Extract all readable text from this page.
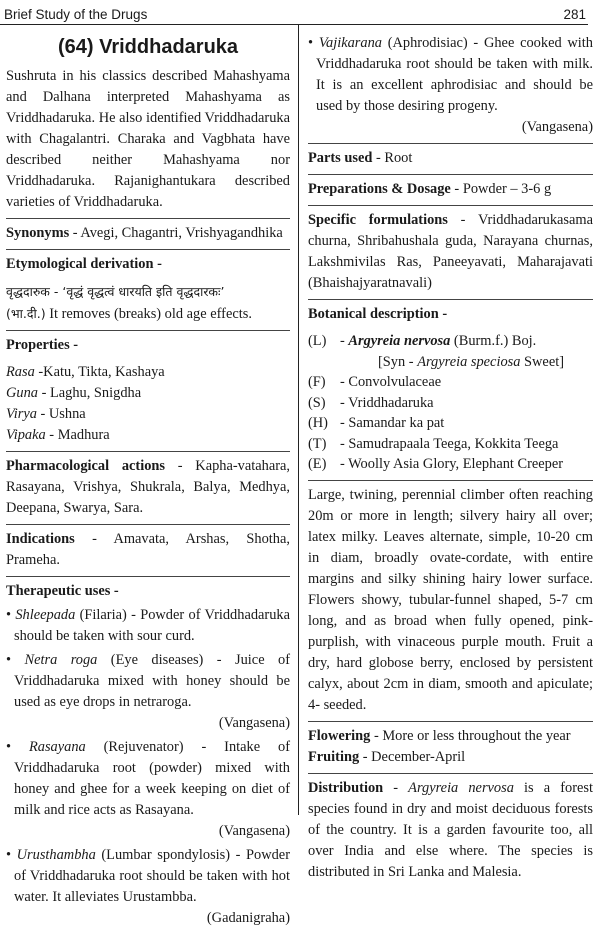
Brief Study of the Drugs	281
(64) Vriddhadaruka

Sushruta in his classics described Mahashyama and Dalhana interpreted Mahashyama as Vriddhadaruka. He also identified Vriddhadaruka with Chagalantri. Charaka and Vagbhata have described neither Mahashyama nor Vriddhadaruka. Rajanighantukara described varieties of Vriddhadaruka.

Synonyms - Avegi, Chagantri, Vrishyagandhika

Etymological derivation -

वृद्धदारुक - ‘वृद्धं वृद्धत्वं धारयति इति वृद्धदारकः’

(भा.दी.) It removes (breaks) old age effects.

Properties -

Rasa -Katu, Tikta, Kashaya

Guna - Laghu, Snigdha

Virya - Ushna

Vipaka - Madhura

Pharmacological actions - Kapha-vatahara, Rasayana, Vrishya, Shukrala, Balya, Medhya, Deepana, Swarya, Sara.

Indications - Amavata, Arshas, Shotha, Prameha.

Therapeutic uses -

• Shleepada (Filaria) - Powder of Vriddhadaruka should be taken with sour curd.

• Netra roga (Eye diseases) - Juice of Vriddhadaruka mixed with honey should be used as eye drops in netraroga.

(Vangasena)

• Rasayana (Rejuvenator) - Intake of Vriddhadaruka root (powder) mixed with honey and ghee for a week keeping on diet of milk and rice acts as Rasayana.

(Vangasena)

• Urusthambha (Lumbar spondylosis) - Powder of Vriddhadaruka root should be taken with hot water. It alleviates Urustambba.

(Gadanigraha)

• Vajikarana (Aphrodisiac) - Ghee cooked with Vriddhadaruka root should be taken with milk. It is an excellent aphrodisiac and should be used by those desiring progeny.

(Vangasena)

Parts used - Root

Preparations & Dosage - Powder – 3-6 g

Specific formulations - Vriddhadarukasama churna, Shribahushala guda, Narayana churnas, Lakshmivilas Ras, Paneeyavati, Maharajavati (Bhaishajyaratnavali)

Botanical description -

(L) - Argyreia nervosa (Burm.f.) Boj.
[Syn - Argyreia speciosa Sweet]
(F)	- Convolvulaceae
(S)	- Vriddhadaruka
(H) - Samandar ka pat
(T) - Samudrapaala Teega, Kokkita Teega
(E) - Woolly Asia Glory, Elephant Creeper

Large, twining, perennial climber often reaching 20m or more in length; silvery hairy all over; latex milky. Leaves alternate, simple, 10-20 cm in diam, broadly ovate-cordate, with entire margins and silky shining hairy lower surface. Flowers showy, tubular-funnel shaped, 5-7 cm long, and as broad when fully opened, pink-purplish, with vinaceous purple mouth. Fruit a dry, hard globose berry, enclosed by persistent calyx, about 2cm in diam, smooth and apiculate; 4- seeded.

Flowering - More or less throughout the year

Fruiting - December-April

Distribution - Argyreia nervosa is a forest species found in dry and moist deciduous forests of the country. It is a garden favourite too, all over India and else where. The species is distributed in Sri Lanka and Malesia.
